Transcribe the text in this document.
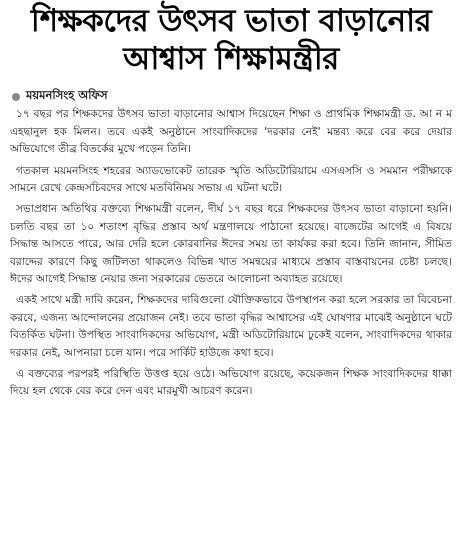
শিক্ষকদের উৎসব ভাতা বাড়ানোর
আশ্বাস শিক্ষামন্ত্রীর
ময়মনসিংহ অফিস

১৭ বছর পর শিক্ষকদের উৎসব ভাতা বাড়ানোর আশ্বাস দিয়েছেন শিক্ষা ও প্রাথমিক শিক্ষামন্ত্রী ড. আ ন ম এহছানুল হক মিলন। তবে একই অনুষ্ঠানে সাংবাদিকদের 'দরকার নেই' মন্তব্য করে বের করে দেয়ার অভিযোগে তীব্র বিতর্কের মুখে পড়েন তিনি।

গতকাল ময়মনসিংহ শহরের অ্যাডভোকেট তারেক স্মৃতি অডিটোরিয়ামে এসএসসি ও সমমান পরীক্ষাকে সামনে রেখে কেন্দ্রসচিবদের সাথে মতবিনিময় সভায় এ ঘটনা ঘটে।

সভাপ্রধান অতিথির বক্তব্যে শিক্ষামন্ত্রী বলেন, দীর্ঘ ১৭ বছর ধরে শিক্ষকদের উৎসব ভাতা বাড়ানো হয়নি। চলতি বছর তা ১০ শতাংশ বৃদ্ধির প্রস্তাব অর্থ মন্ত্রণালয়ে পাঠানো হয়েছে। বাজেটের আগেই এ বিষয়ে সিদ্ধান্ত আসতে পারে, আর দেরি হলে কোরবানির ঈদের সময় তা কার্যকর করা হবে। তিনি জানান, সীমিত বরাদ্দের কারণে কিছু জটিলতা থাকলেও বিভিন্ন খাত সমন্বয়ের মাধ্যমে প্রস্তাব বাস্তবায়নের চেষ্টা চলছে। ঈদের আগেই সিদ্ধান্ত নেয়ার জন্য সরকারের ভেতরে আলোচনা অব্যাহত রয়েছে।

একই সাথে মন্ত্রী দাবি করেন, শিক্ষকদের দাবিগুলো যৌক্তিকভাবে উপস্থাপন করা হলে সরকার তা বিবেচনা করবে, এজন্য আন্দোলনের প্রয়োজন নেই। তবে ভাতা বৃদ্ধির আশ্বাসের এই ঘোষণার মাঝেই অনুষ্ঠানে ঘটে বিতর্কিত ঘটনা। উপস্থিত সাংবাদিকদের অভিযোগ, মন্ত্রী অডিটোরিয়ামে ঢুকেই বলেন, সাংবাদিকদের থাকার দরকার নেই, আপনারা চলে যান। পরে সার্কিট হাউজে কথা হবে।

এ বক্তব্যের পরপরই পরিস্থিতি উত্তপ্ত হয়ে ওঠে। অভিযোগ রয়েছে, কয়েকজন শিক্ষক সাংবাদিকদের ধাক্কা দিয়ে হল থেকে বের করে দেন এবং মারমুখী আচরণ করেন।
